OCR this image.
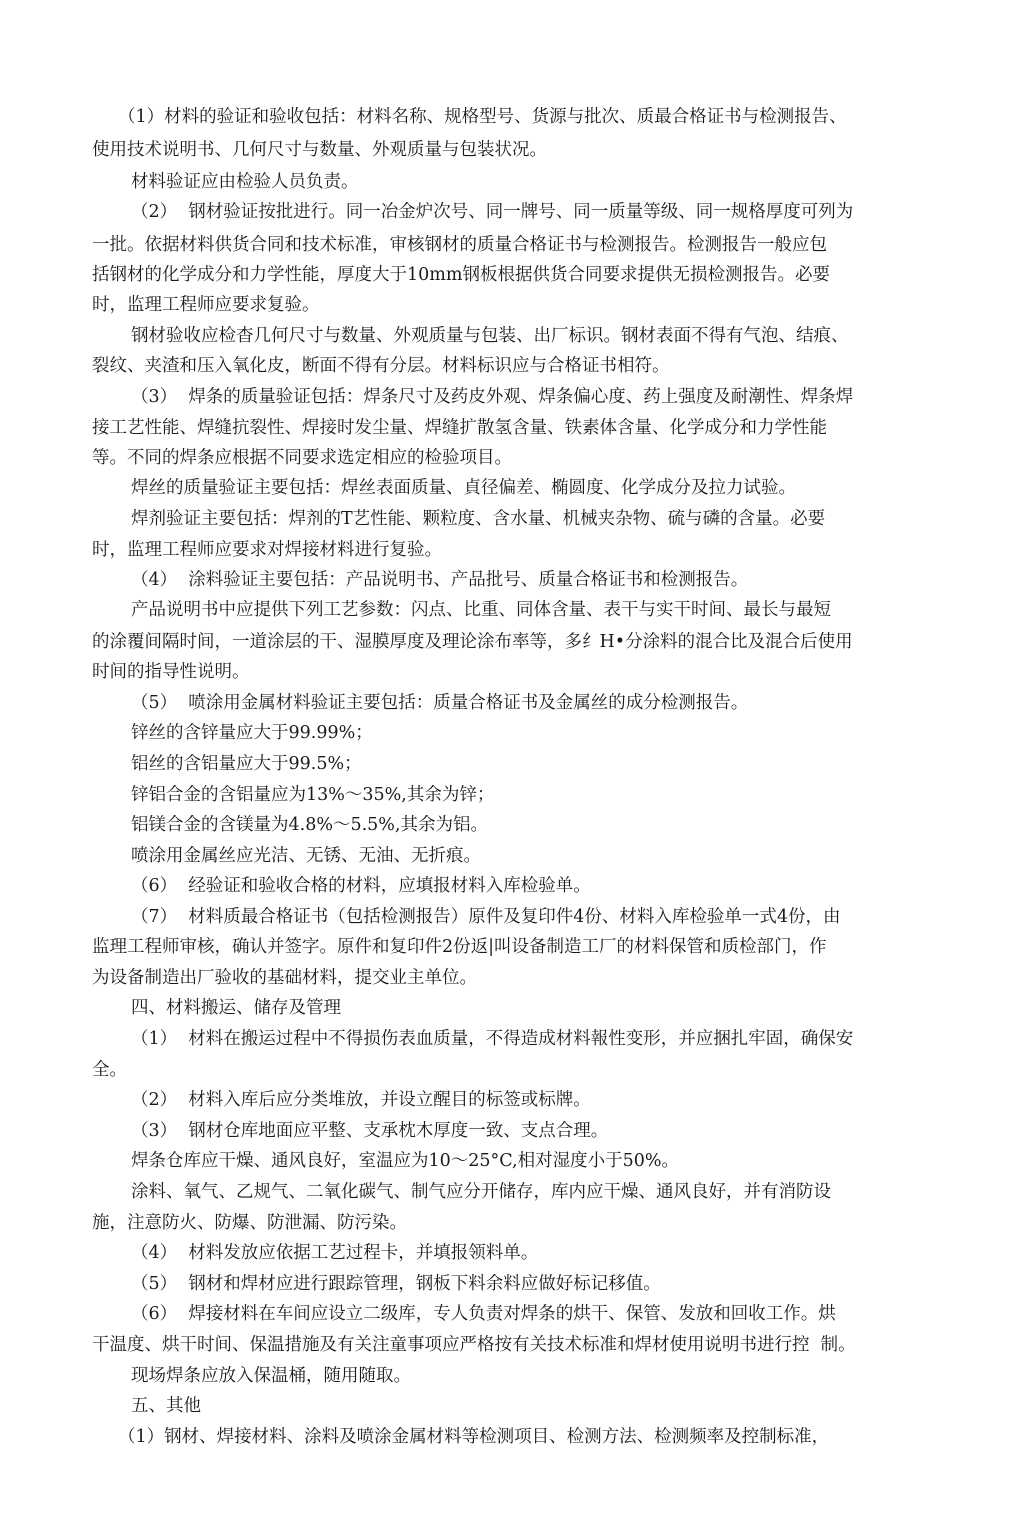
（1）材料的验证和验收包括：材料名称、规格型号、货源与批次、质最合格证书与检测报告、

使用技术说明书、几何尺寸与数量、外观质量与包装状况。

材料验证应由检验人员负责。

（2）  钢材验证按批进行。同一冶金炉次号、同一牌号、同一质量等级、同一规格厚度可列为

一批。依据材料供货合同和技术标准，审核钢材的质量合格证书与检测报告。检测报告一般应包

括钢材的化学成分和力学性能，厚度大于10mm钢板根据供货合同要求提供无损检测报告。必要

时，监理工程师应要求复验。

钢材验收应检杳几何尺寸与数量、外观质量与包装、出厂标识。钢材表面不得有气泡、结痕、

裂纹、夹渣和压入氧化皮，断面不得有分层。材料标识应与合格证书相符。

（3）  焊条的质量验证包括：焊条尺寸及药皮外观、焊条偏心度、药上强度及耐潮性、焊条焊

接工艺性能、焊缝抗裂性、焊接时发尘量、焊缝扩散氢含量、铁素体含量、化学成分和力学性能

等。不同的焊条应根据不同要求选定相应的检验项目。

焊丝的质量验证主要包括：焊丝表面质量、貞径偏差、椭圆度、化学成分及拉力试验。

焊剂验证主要包括：焊剂的T艺性能、颗粒度、含水量、机械夹杂物、硫与磷的含量。必要

时，监理工程师应要求对焊接材料进行复验。

（4）  涂料验证主要包括：产品说明书、产品批号、质量合格证书和检测报告。

产品说明书中应提供下列工艺参数：闪点、比重、同体含量、表干与实干时间、最长与最短

的涂覆间隔时间，一道涂层的干、湿膜厚度及理论涂布率等，多纟H•分涂料的混合比及混合后使用

时间的指导性说明。

（5）  喷涂用金属材料验证主要包括：质量合格证书及金属丝的成分检测报告。

锌丝的含锌量应大于99.99%；

铝丝的含铝量应大于99.5%；

锌铝合金的含铝量应为13%～35%,其余为锌；

铝镁合金的含镁量为4.8%～5.5%,其余为铝。

喷涂用金属丝应光洁、无锈、无油、无折痕。

（6）  经验证和验收合格的材料，应填报材料入库检验单。

（7）  材料质最合格证书（包括检测报告）原件及复印件4份、材料入库检验单一式4份，由

监理工程师审核，确认并签字。原件和复印件2份返|叫设备制造工厂的材料保管和质检部门，作

为设备制造出厂验收的基础材料，提交业主单位。

四、材料搬运、储存及管理

（1）  材料在搬运过程中不得损伤表血质量，不得造成材料報性变形，并应捆扎牢固，确保安

全。

（2）  材料入库后应分类堆放，并设立醒目的标签或标牌。

（3）  钢材仓库地面应平整、支承枕木厚度一致、支点合理。

焊条仓库应干燥、通风良好，室温应为10～25°C,相对湿度小于50%。

涂料、氧气、乙规气、二氧化碳气、制气应分开储存，库内应干燥、通风良好，并有消防设

施，注意防火、防爆、防泄漏、防污染。

（4）  材料发放应依据工艺过程卡，并填报领料单。

（5）  钢材和焊材应进行跟踪管理，钢板下料余料应做好标记移值。

（6）  焊接材料在车间应设立二级库，专人负责对焊条的烘干、保管、发放和回收工作。烘

干温度、烘干时间、保温措施及有关注童事项应严格按有关技术标准和焊材使用说明书进行控  制。

现场焊条应放入保温桶，随用随取。

五、其他

（1）钢材、焊接材料、涂料及喷涂金属材料等检测项目、检测方法、检测频率及控制标准，
